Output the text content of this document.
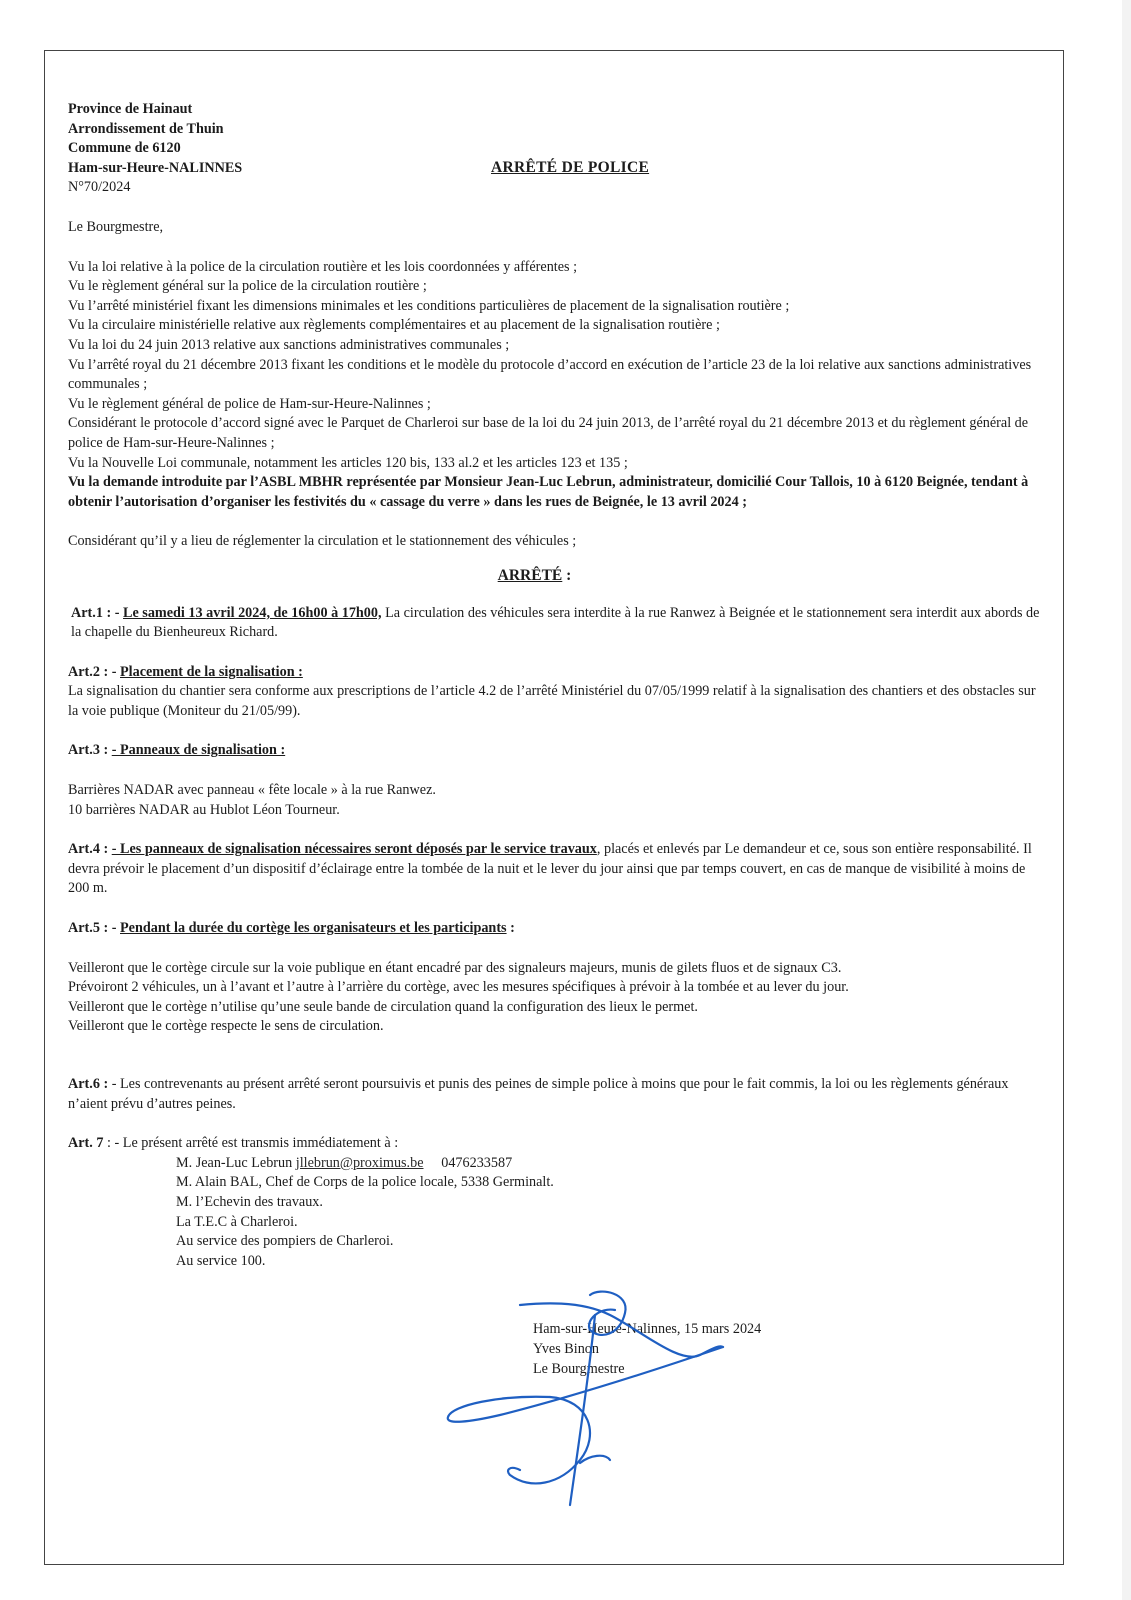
Province de Hainaut
Arrondissement de Thuin
Commune de 6120
Ham-sur-Heure-NALINNES
N°70/2024
ARRÊTÉ DE POLICE

Le Bourgmestre,

Vu la loi relative à la police de la circulation routière et les lois coordonnées y afférentes ;

Vu le règlement général sur la police de la circulation routière ;

Vu l’arrêté ministériel fixant les dimensions minimales et les conditions particulières de placement de la signalisation routière ;

Vu la circulaire ministérielle relative aux règlements complémentaires et au placement de la signalisation routière ;

Vu la loi du 24 juin 2013 relative aux sanctions administratives communales ;

Vu l’arrêté royal du 21 décembre 2013 fixant les conditions et le modèle du protocole d’accord en exécution de l’article 23 de la loi relative aux sanctions administratives communales ;

Vu le règlement général de police de Ham-sur-Heure-Nalinnes ;

Considérant le protocole d’accord signé avec le Parquet de Charleroi sur base de la loi du 24 juin 2013, de l’arrêté royal du 21 décembre 2013 et du règlement général de police de Ham-sur-Heure-Nalinnes ;

Vu la Nouvelle Loi communale, notamment les articles 120 bis, 133 al.2 et les articles 123 et 135 ;

Vu la demande introduite par l’ASBL MBHR représentée par Monsieur Jean-Luc Lebrun, administrateur, domicilié Cour Tallois, 10 à 6120 Beignée, tendant à obtenir l’autorisation d’organiser les festivités du « cassage du verre » dans les rues de Beignée, le 13 avril 2024 ;

Considérant qu’il y a lieu de réglementer la circulation et le stationnement des véhicules ;

ARRÊTÉ :

Art.1 : - Le samedi 13 avril 2024, de 16h00 à 17h00, La circulation des véhicules sera interdite à la rue Ranwez à Beignée et le stationnement sera interdit aux abords de la chapelle du Bienheureux Richard.

Art.2 : - Placement de la signalisation :

La signalisation du chantier sera conforme aux prescriptions de l’article 4.2 de l’arrêté Ministériel du 07/05/1999 relatif à la signalisation des chantiers et des obstacles sur la voie publique (Moniteur du 21/05/99).

Art.3 : - Panneaux de signalisation :

Barrières NADAR avec panneau « fête locale » à la rue Ranwez.

10 barrières NADAR au Hublot Léon Tourneur.

Art.4 : - Les panneaux de signalisation nécessaires seront déposés par le service travaux, placés et enlevés par Le demandeur et ce, sous son entière responsabilité. Il devra prévoir le placement d’un dispositif d’éclairage entre la tombée de la nuit et le lever du jour ainsi que par temps couvert, en cas de manque de visibilité à moins de 200 m.

Art.5 : - Pendant la durée du cortège les organisateurs et les participants :

Veilleront que le cortège circule sur la voie publique en étant encadré par des signaleurs majeurs, munis de gilets fluos et de signaux C3.

Prévoiront 2 véhicules, un à l’avant et l’autre à l’arrière du cortège, avec les mesures spécifiques à prévoir à la tombée et au lever du jour.

Veilleront que le cortège n’utilise qu’une seule bande de circulation quand la configuration des lieux le permet.

Veilleront que le cortège respecte le sens de circulation.

Art.6 : - Les contrevenants au présent arrêté seront poursuivis et punis des peines de simple police à moins que pour le fait commis, la loi ou les règlements généraux n’aient prévu d’autres peines.

Art. 7 : - Le présent arrêté est transmis immédiatement à :

M. Jean-Luc Lebrun jllebrun@proximus.be 0476233587

M. Alain BAL, Chef de Corps de la police locale, 5338 Germinalt.

M. l’Echevin des travaux.

La T.E.C à Charleroi.

Au service des pompiers de Charleroi.

Au service 100.

Ham-sur-Heure-Nalinnes, 15 mars 2024

Yves Binon

Le Bourgmestre
